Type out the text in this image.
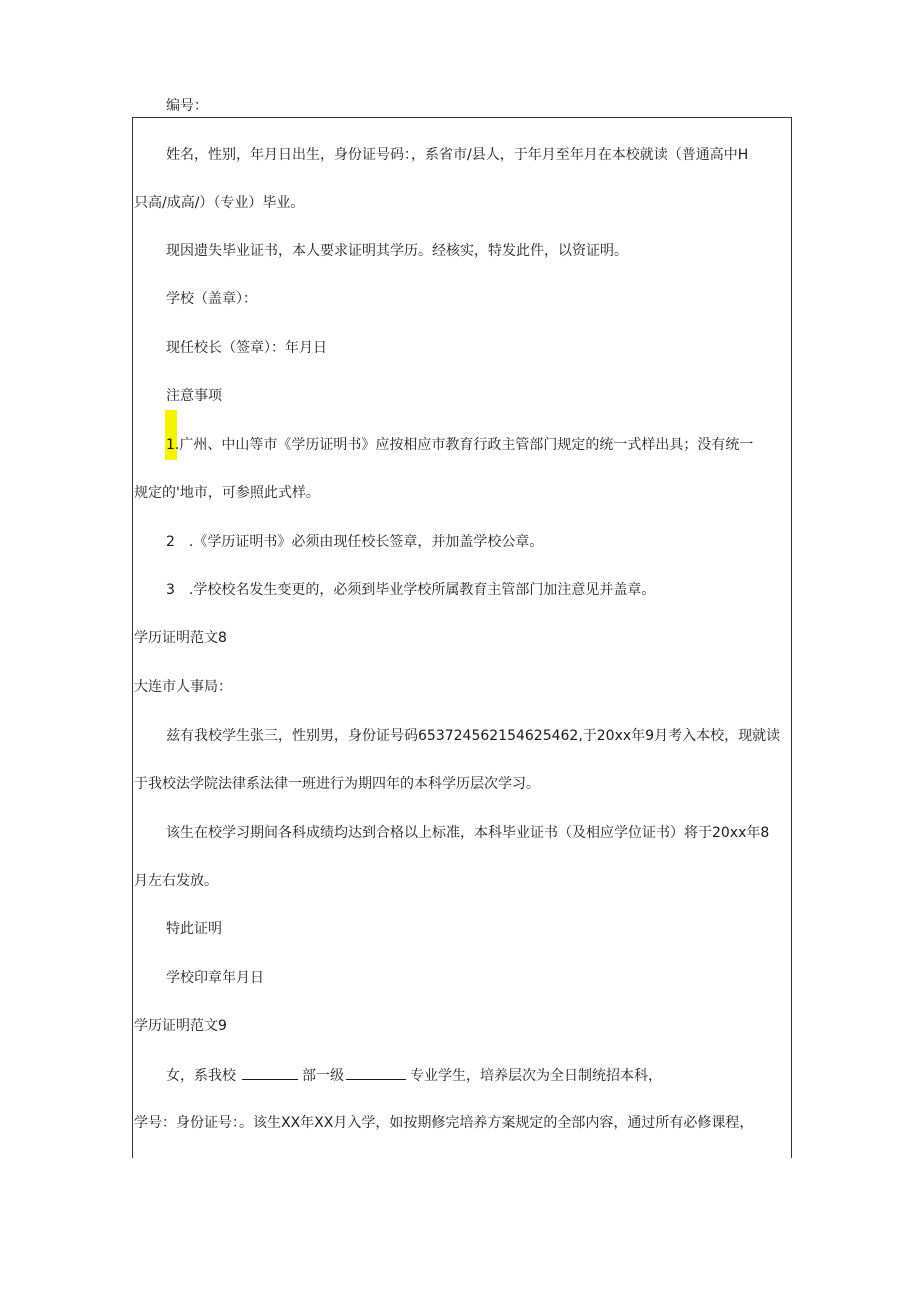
编号：
姓名，性别，年月日出生，身份证号码：，系省市/县人，于年月至年月在本校就读（普通高中H
只高/成高/）（专业）毕业。
现因遗失毕业证书，本人要求证明其学历。经核实，特发此件，以资证明。
学校（盖章）：
现任校长（签章）：年月日
注意事项
1.广州、中山等市《学历证明书》应按相应市教育行政主管部门规定的统一式样出具；没有统一
规定的'地市，可参照此式样。
2 .《学历证明书》必须由现任校长签章，并加盖学校公章。
3 .学校校名发生变更的，必须到毕业学校所属教育主管部门加注意见并盖章。
学历证明范文8
大连市人事局：
兹有我校学生张三，性别男，身份证号码653724562154625462,于20xx年9月考入本校，现就读
于我校法学院法律系法律一班进行为期四年的本科学历层次学习。
该生在校学习期间各科成绩均达到合格以上标准，本科毕业证书（及相应学位证书）将于20xx年8
月左右发放。
特此证明
学校印章年月日
学历证明范文9
女，系我校	部一级	专业学生，培养层次为全日制统招本科，
学号：身份证号：。该生XX年XX月入学，如按期修完培养方案规定的全部内容，通过所有必修课程，
